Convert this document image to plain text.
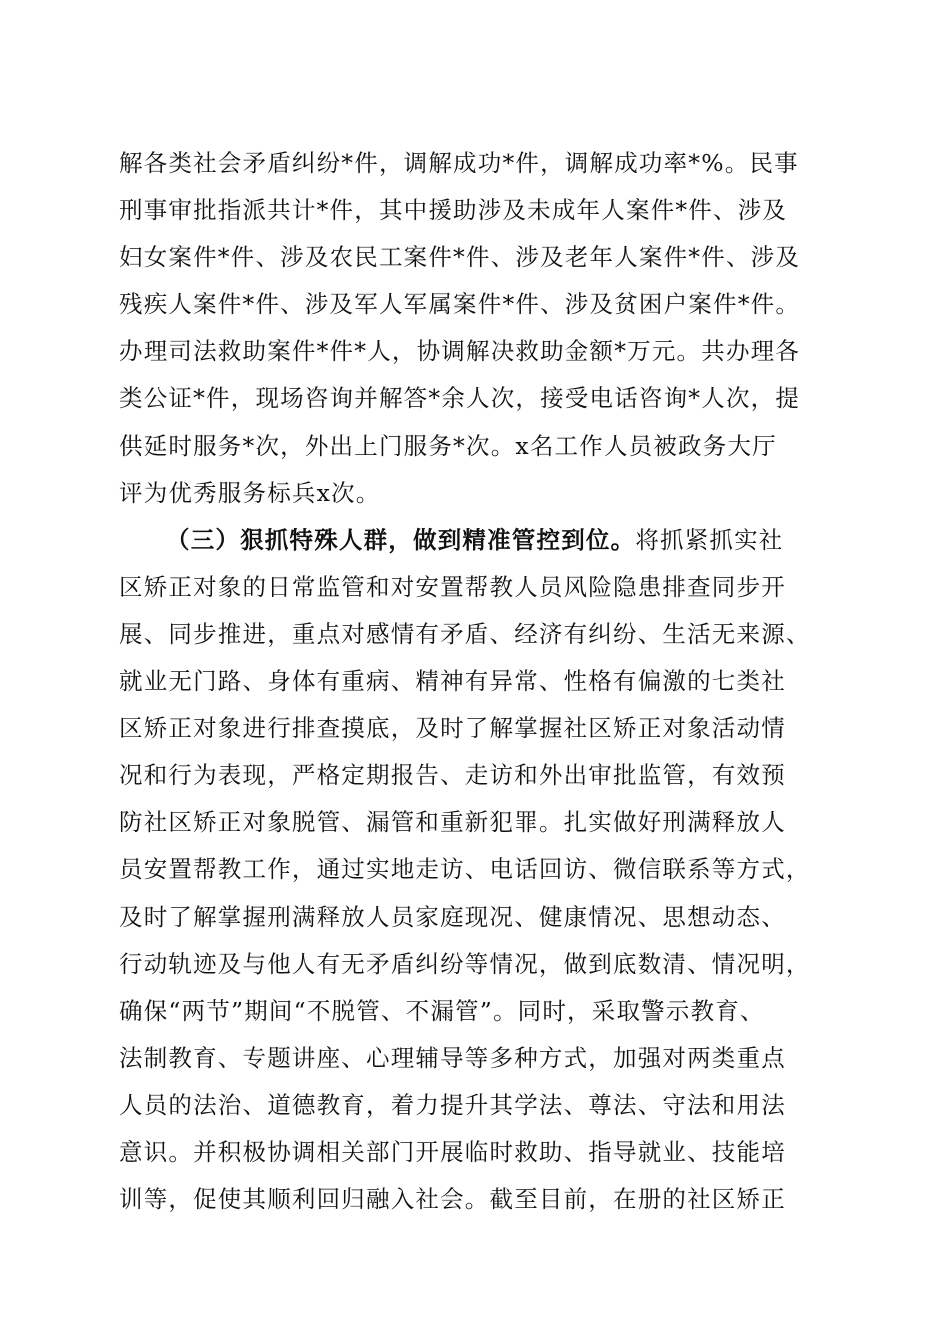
解各类社会矛盾纠纷*件，调解成功*件，调解成功率*%。民事
刑事审批指派共计*件，其中援助涉及未成年人案件*件、涉及
妇女案件*件、涉及农民工案件*件、涉及老年人案件*件、涉及
残疾人案件*件、涉及军人军属案件*件、涉及贫困户案件*件。
办理司法救助案件*件*人，协调解决救助金额*万元。共办理各
类公证*件，现场咨询并解答*余人次，接受电话咨询*人次，提
供延时服务*次，外出上门服务*次。x名工作人员被政务大厅
评为优秀服务标兵x次。
（三）狠抓特殊人群，做到精准管控到位。将抓紧抓实社
区矫正对象的日常监管和对安置帮教人员风险隐患排查同步开
展、同步推进，重点对感情有矛盾、经济有纠纷、生活无来源、
就业无门路、身体有重病、精神有异常、性格有偏激的七类社
区矫正对象进行排查摸底，及时了解掌握社区矫正对象活动情
况和行为表现，严格定期报告、走访和外出审批监管，有效预
防社区矫正对象脱管、漏管和重新犯罪。扎实做好刑满释放人
员安置帮教工作，通过实地走访、电话回访、微信联系等方式，
及时了解掌握刑满释放人员家庭现况、健康情况、思想动态、
行动轨迹及与他人有无矛盾纠纷等情况，做到底数清、情况明，
确保“两节”期间“不脱管、不漏管”。同时，采取警示教育、
法制教育、专题讲座、心理辅导等多种方式，加强对两类重点
人员的法治、道德教育，着力提升其学法、尊法、守法和用法
意识。并积极协调相关部门开展临时救助、指导就业、技能培
训等，促使其顺利回归融入社会。截至目前，在册的社区矫正
